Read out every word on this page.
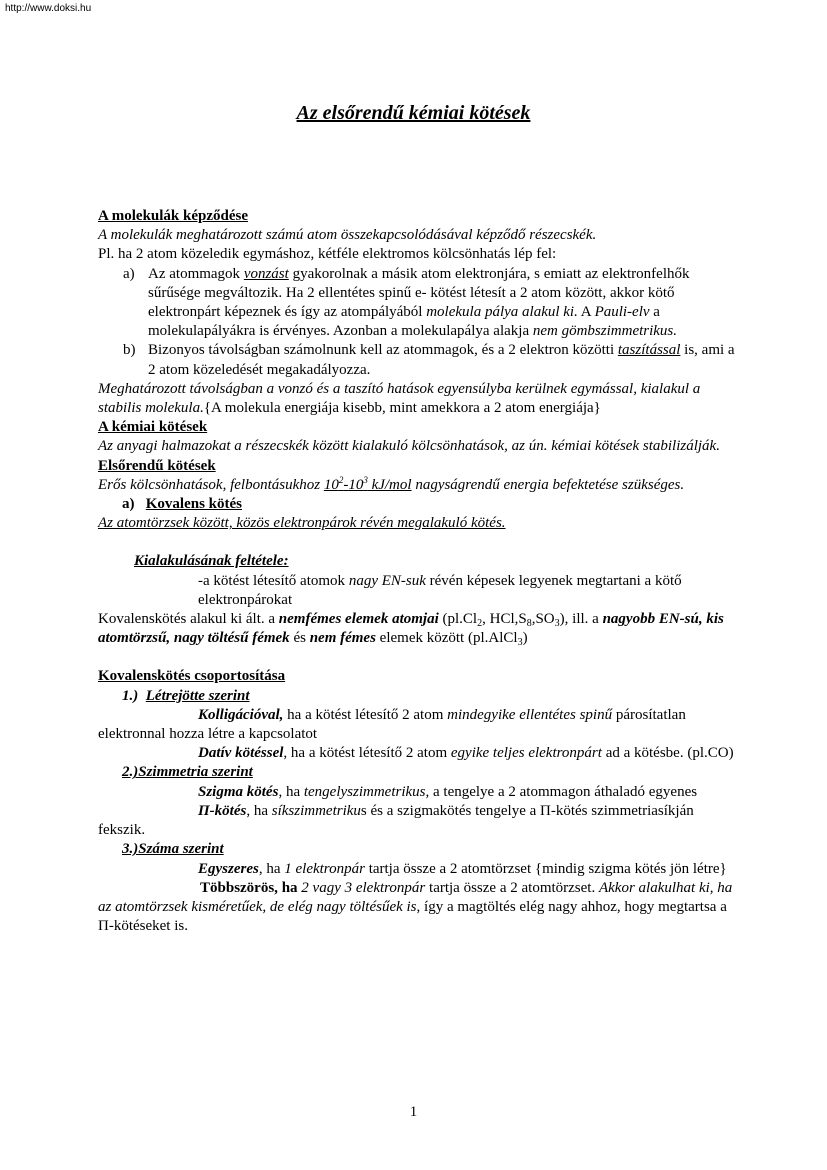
http://www.doksi.hu
Az elsőrendű kémiai kötések

A molekulák képződése

A molekulák meghatározott számú atom összekapcsolódásával képződő részecskék.

Pl. ha 2 atom közeledik egymáshoz, kétféle elektromos kölcsönhatás lép fel:

a) Az atommagok vonzást gyakorolnak a másik atom elektronjára, s emiatt az elektronfelhők sűrűsége megváltozik. Ha 2 ellentétes spinű e- kötést létesít a 2 atom között, akkor kötő elektronpárt képeznek és így az atompályából molekula pálya alakul ki. A Pauli-elv a molekulapályákra is érvényes. Azonban a molekulapálya alakja nem gömbszimmetrikus.
b) Bizonyos távolságban számolnunk kell az atommagok, és a 2 elektron közötti taszítással is, ami a 2 atom közeledését megakadályozza.

Meghatározott távolságban a vonzó és a taszító hatások egyensúlyba kerülnek egymással, kialakul a stabilis molekula.{A molekula energiája kisebb, mint amekkora a 2 atom energiája}

A kémiai kötések

Az anyagi halmazokat a részecskék között kialakuló kölcsönhatások, az ún. kémiai kötések stabilizálják.

Elsőrendű kötések

Erős kölcsönhatások, felbontásukhoz $10^2-10^3$ kJ/mol nagyságrendű energia befektetése szükséges.

a) Kovalens kötés

Az atomtörzsek között, közös elektronpárok révén megalakuló kötés.

Kialakulásának feltétele:

-a kötést létesítő atomok nagy EN-suk révén képesek legyenek megtartani a kötő elektronpárokat

Kovalenskötés alakul ki ált. a nemfémes elemek atomjai ($pl.Cl_2$, $HCl,S_8,SO_3$), ill. a nagyobb EN-sú, kis atomtörzsű, nagy töltésű fémek és nem fémes elemek között (pl.AlCl$_3$)

Kovalenskötés csoportosítása

1.) Létrejötte szerint

Kolligációval, ha a kötést létesítő 2 atom mindegyike ellentétes spinű párosítatlan elektronnal hozza létre a kapcsolatot

Datív kötéssel, ha a kötést létesítő 2 atom egyike teljes elektronpárt ad a kötésbe. (pl.CO)

2.)Szimmetria szerint

Szigma kötés, ha tengelyszimmetrikus, a tengelye a 2 atommagon áthaladó egyenes

Π-kötés, ha síkszimmetrikus és a szigmakötés tengelye a Π-kötés szimmetriasíkján fekszik.

3.)Száma szerint

Egyszeres, ha 1 elektronpár tartja össze a 2 atomtörzset {mindig szigma kötés jön létre}

Többszörös, ha 2 vagy 3 elektronpár tartja össze a 2 atomtörzset. Akkor alakulhat ki, ha az atomtörzsek kisméretűek, de elég nagy töltésűek is, így a magtöltés elég nagy ahhoz, hogy megtartsa a Π-kötéseket is.

1
